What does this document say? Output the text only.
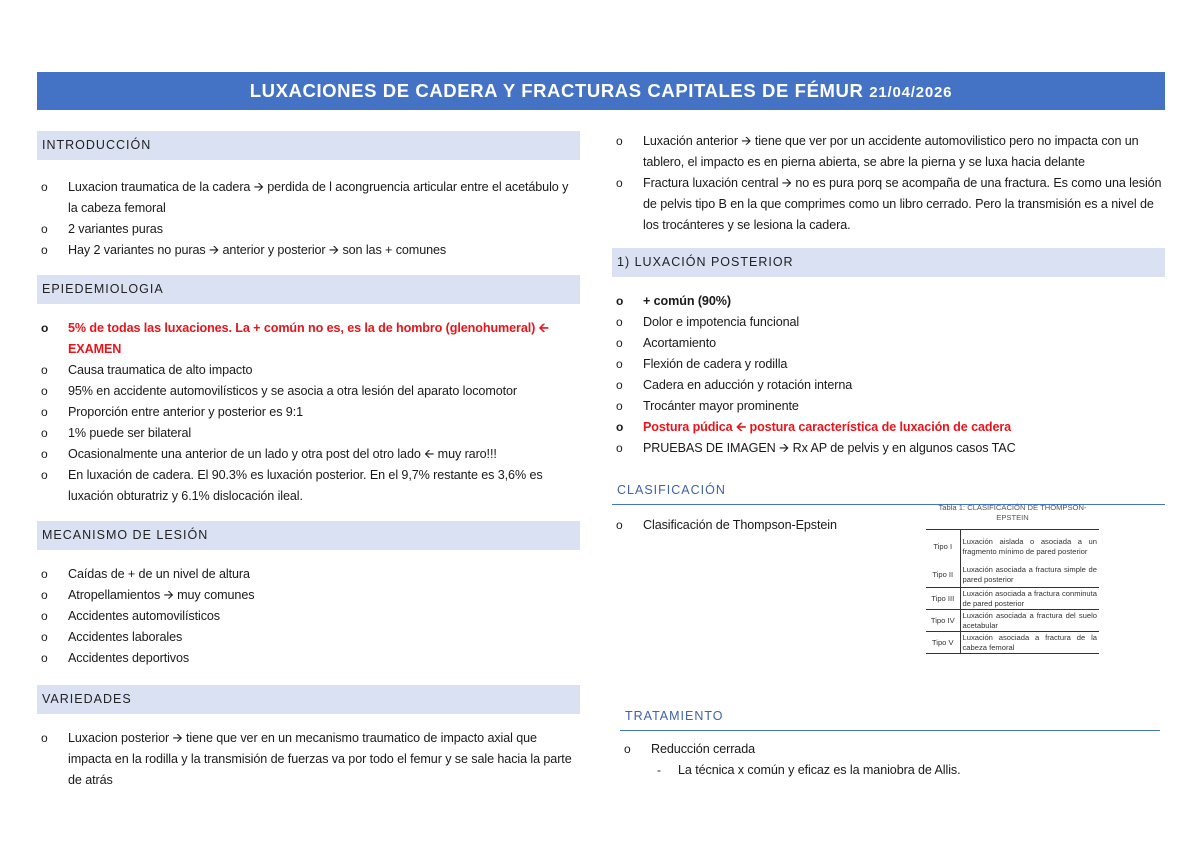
LUXACIONES DE CADERA Y FRACTURAS CAPITALES DE FÉMUR 21/04/2026
INTRODUCCIÓN
o	Luxacion traumatica de la cadera 🡪 perdida de l acongruencia articular entre el acetábulo y la cabeza femoral
o	2 variantes puras
o	Hay 2 variantes no puras 🡪 anterior y posterior 🡪 son las + comunes
EPIEDEMIOLOGIA
o	5% de todas las luxaciones. La + común no es, es la de hombro (glenohumeral) 🡨 EXAMEN
o	Causa traumatica de alto impacto
o	95% en accidente automovilísticos y se asocia a otra lesión del aparato locomotor
o	Proporción entre anterior y posterior es 9:1
o	1% puede ser bilateral
o	Ocasionalmente una anterior de un lado y otra post del otro lado 🡨 muy raro!!!
o	En luxación de cadera. El 90.3% es luxación posterior. En el 9,7% restante es 3,6% es luxación obturatriz y 6.1% dislocación ileal.
MECANISMO DE LESIÓN
o	Caídas de + de un nivel de altura
o	Atropellamientos 🡪 muy comunes
o	Accidentes automovilísticos
o	Accidentes laborales
o	Accidentes deportivos
VARIEDADES
o	Luxacion posterior 🡪 tiene que ver en un mecanismo traumatico de impacto axial que impacta en la rodilla y la transmisión de fuerzas va por todo el femur y se sale hacia la parte de atrás
o	Luxación anterior 🡪 tiene que ver por un accidente automovilistico pero no impacta con un tablero, el impacto es en pierna abierta, se abre la pierna y se luxa hacia delante
o	Fractura luxación central 🡪 no es pura porq se acompaña de una fractura. Es como una lesión de pelvis tipo B en la que comprimes como un libro cerrado. Pero la transmisión es a nivel de los trocánteres y se lesiona la cadera.
1) LUXACIÓN POSTERIOR
o	+ común (90%)
o	Dolor e impotencia funcional
o	Acortamiento
o	Flexión de cadera y rodilla
o	Cadera en aducción y rotación interna
o	Trocánter mayor prominente
o	Postura púdica 🡨 postura característica de luxación de cadera
o	PRUEBAS DE IMAGEN 🡪 Rx AP de pelvis y en algunos casos TAC
CLASIFICACIÓN
o	Clasificación de Thompson-Epstein
Tabla 1: CLASIFICACIÓN DE THOMPSON-EPSTEIN
Tipo I	Luxación aislada o asociada a un fragmento mínimo de pared posterior
Tipo II	Luxación asociada a fractura simple de pared posterior
Tipo III	Luxación asociada a fractura conminuta de pared posterior
Tipo IV	Luxación asociada a fractura del suelo acetabular
Tipo V	Luxación asociada a fractura de la cabeza femoral
TRATAMIENTO
o	Reducción cerrada
-	La técnica x común y eficaz es la maniobra de Allis.
